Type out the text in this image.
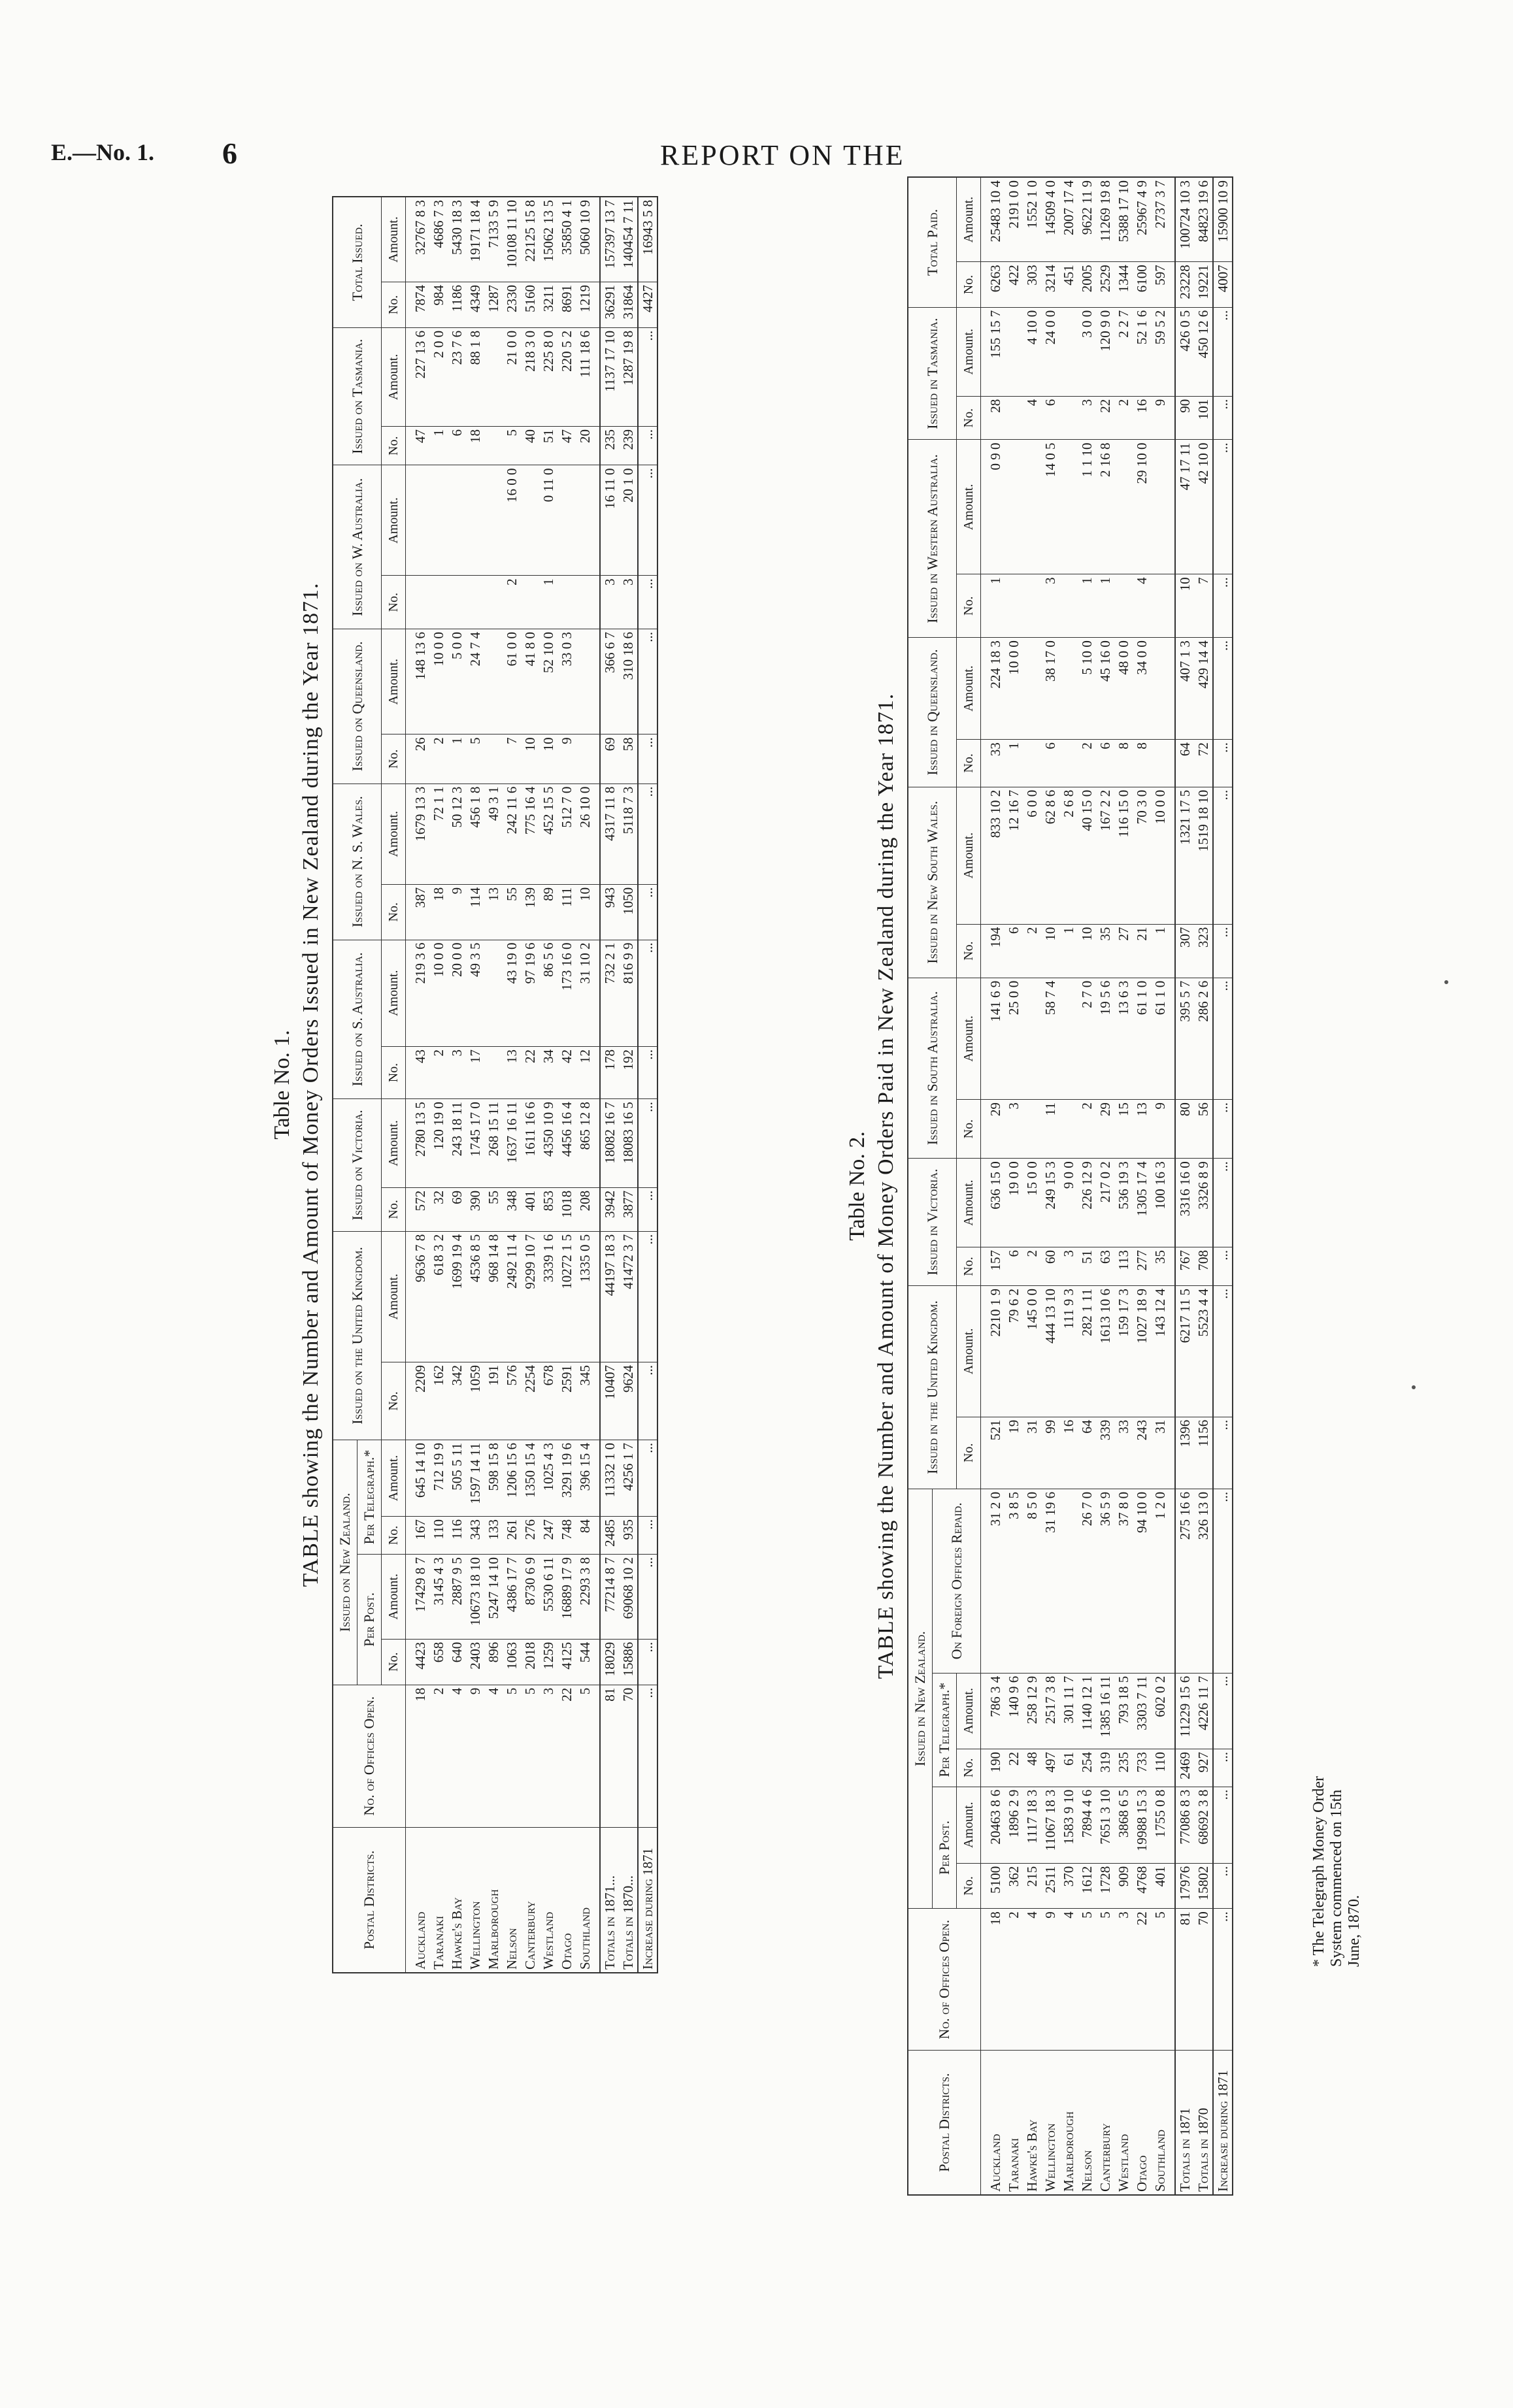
E.—No. 1. 6	REPORT ON THE
Table No. 1. TABLE showing the Number and Amount of Money Orders Issued in New Zealand during the Year 1871.
Postal Districts.	No. of Offices Open.	Issued on New Zealand.				Issued on the United Kingdom.		Issued on Victoria.		Issued on S. Australia.		Issued on N. S. Wales.		Issued on Queensland.		Issued on W. Australia.		Issued on Tasmania.		Total Issued.	
		Per Post.		Per Telegraph.*																	
		No.	Amount.	No.	Amount.	No.	Amount.	No.	Amount.	No.	Amount.	No.	Amount.	No.	Amount.	No.	Amount.	No.	Amount.	No.	Amount.
Auckland	18	4423	17429 8 7	167	645 14 10	2209	9636 7 8	572	2780 13 5	43	219 3 6	387	1679 13 3	26	148 13 6			47	227 13 6	7874	32767 8 3
Taranaki	2	658	3145 4 3	110	712 19 9	162	618 3 2	32	120 19 0	2	10 0 0	18	72 1 1	2	10 0 0			1	2 0 0	984	4686 7 3
Hawke's Bay	4	640	2887 9 5	116	505 5 11	342	1699 19 4	69	243 18 11	3	20 0 0	9	50 12 3	1	5 0 0			6	23 7 6	1186	5430 18 3
Wellington	9	2403	10673 18 10	343	1597 14 11	1059	4536 8 5	390	1745 17 0	17	49 3 5	114	456 1 8	5	24 7 4			18	88 1 8	4349	19171 18 4
Marlborough	4	896	5247 14 10	133	598 15 8	191	968 14 8	55	268 15 11			13	49 3 1							1287	7133 5 9
Nelson	5	1063	4386 17 7	261	1206 15 6	576	2492 11 4	348	1637 16 11	13	43 19 0	55	242 11 6	7	61 0 0	2	16 0 0	5	21 0 0	2330	10108 11 10
Canterbury	5	2018	8730 6 9	276	1350 15 4	2254	9299 10 7	401	1611 16 6	22	97 19 6	139	775 16 4	10	41 8 0			40	218 3 0	5160	22125 15 8
Westland	3	1259	5530 6 11	247	1025 4 3	678	3339 1 6	853	4350 10 9	34	86 5 6	89	452 15 5	10	52 10 0	1	0 11 0	51	225 8 0	3211	15062 13 5
Otago	22	4125	16889 17 9	748	3291 19 6	2591	10272 1 5	1018	4456 16 4	42	173 16 0	111	512 7 0	9	33 0 3			47	220 5 2	8691	35850 4 1
Southland	5	544	2293 3 8	84	396 15 4	345	1335 0 5	208	865 12 8	12	31 10 2	10	26 10 0					20	111 18 6	1219	5060 10 9
Totals in 1871...	81	18029	77214 8 7	2485	11332 1 0	10407	44197 18 3	3942	18082 16 7	178	732 2 1	943	4317 11 8	69	366 6 7	3	16 11 0	235	1137 17 10	36291	157397 13 7
Totals in 1870...	70	15886	69068 10 2	935	4256 1 7	9624	41472 3 7	3877	18083 16 5	192	816 9 9	1050	5118 7 3	58	310 18 6	3	20 1 0	239	1287 19 8	31864	140454 7 11
Increase during 1871	...	...	...	...	...	...	...	...	...	...	...	...	...	...	...	...	...	...	...	4427	16943 5 8
Table No. 2. TABLE showing the Number and Amount of Money Orders Paid in New Zealand during the Year 1871.
Postal Districts.	No. of Offices Open.	Issued in New Zealand.					Issued in the United Kingdom.		Issued in Victoria.		Issued in South Australia.		Issued in New South Wales.		Issued in Queensland.		Issued in Western Australia.		Issued in Tasmania.		Total Paid.	
		Per Post.		Per Telegraph.*		On Foreign Offices Repaid.																
		No.	Amount.	No.	Amount.		No.	Amount.	No.	Amount.	No.	Amount.	No.	Amount.	No.	Amount.	No.	Amount.	No.	Amount.	No.	Amount.
Auckland	18	5100	20463 8 6	190	786 3 4	31 2 0	521	2210 1 9	157	636 15 0	29	141 6 9	194	833 10 2	33	224 18 3	1	0 9 0	28	155 15 7	6263	25483 10 4
Taranaki	2	362	1896 2 9	22	140 9 6	3 8 5	19	79 6 2	6	19 0 0	3	25 0 0	6	12 16 7	1	10 0 0					422	2191 0 0
Hawke's Bay	4	215	1117 18 3	48	258 12 9	8 5 0	31	145 0 0	2	15 0 0			2	6 0 0					4	4 10 0	303	1552 1 0
Wellington	9	2511	11067 18 3	497	2517 3 8	31 19 6	99	444 13 10	60	249 15 3	11	58 7 4	10	62 8 6	6	38 17 0	3	14 0 5	6	24 0 0	3214	14509 4 0
Marlborough	4	370	1583 9 10	61	301 11 7		16	111 9 3	3	9 0 0			1	2 6 8							451	2007 17 4
Nelson	5	1612	7894 4 6	254	1140 12 1	26 7 0	64	282 1 11	51	226 12 9	2	2 7 0	10	40 15 0	2	5 10 0	1	1 1 10	3	3 0 0	2005	9622 11 9
Canterbury	5	1728	7651 3 10	319	1385 16 11	36 5 9	339	1613 10 6	63	217 0 2	29	19 5 6	35	167 2 2	6	45 16 0	1	2 16 8	22	120 9 0	2529	11269 19 8
Westland	3	909	3868 6 5	235	793 18 5	37 8 0	33	159 17 3	113	536 19 3	15	13 6 3	27	116 15 0	8	48 0 0			2	2 2 7	1344	5388 17 10
Otago	22	4768	19988 15 3	733	3303 7 11	94 10 0	243	1027 18 9	277	1305 17 4	13	61 1 0	21	70 3 0	8	34 0 0	4	29 10 0	16	52 1 6	6100	25967 4 9
Southland	5	401	1755 0 8	110	602 0 2	1 2 0	31	143 12 4	35	100 16 3	9	61 1 0	1	10 0 0					9	59 5 2	597	2737 3 7
Totals in 1871	81	17976	77086 8 3	2469	11229 15 6	275 16 6	1396	6217 11 5	767	3316 16 0	80	395 5 7	307	1321 17 5	64	407 1 3	10	47 17 11	90	426 0 5	23228	100724 10 3
Totals in 1870	70	15802	68692 3 8	927	4226 11 7	326 13 0	1156	5523 4 4	708	3326 8 9	56	286 2 6	323	1519 18 10	72	429 14 4	7	42 10 0	101	450 12 6	19221	84823 19 6
Increase during 1871	...	...	...	...	...	...	...	...	...	...	...	...	...	...	...	...	...	...	...	...	4007	15900 10 9
* The Telegraph Money Order System commenced on 15th June, 1870.
